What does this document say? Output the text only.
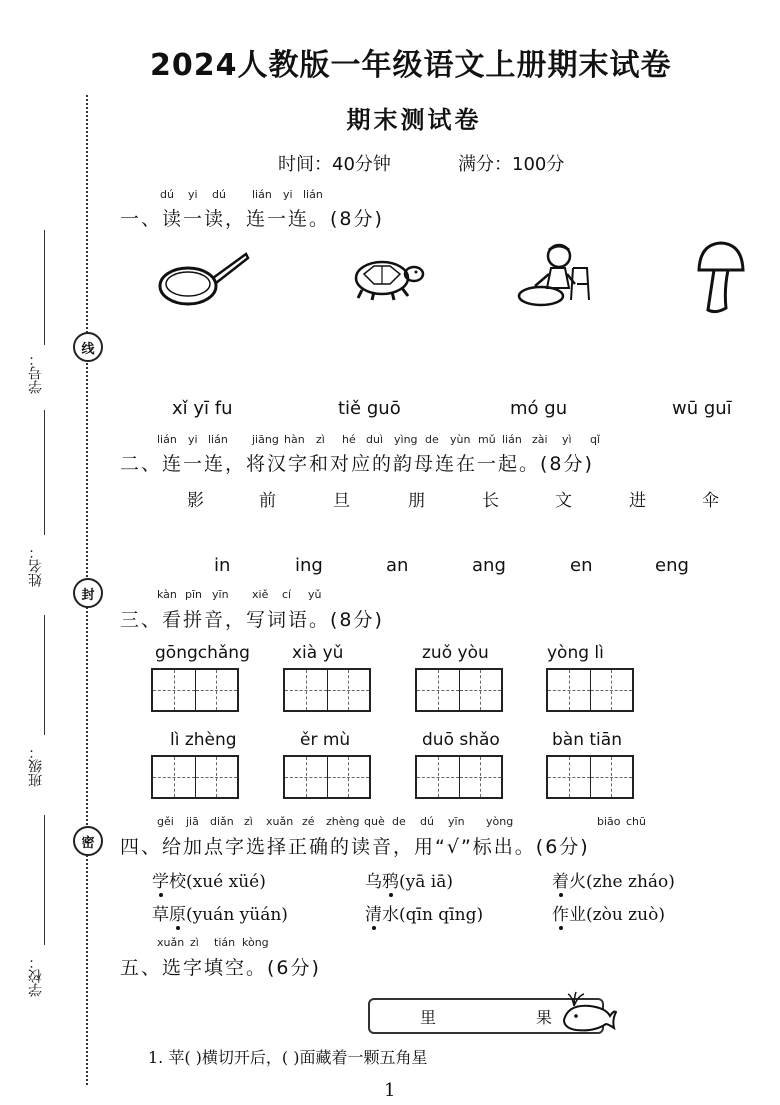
2024人教版一年级语文上册期末试卷
期末测试卷
时间：40分钟	满分：100分
学号：
姓名：
班级：
学校：
线
封
密
dú yi dú lián yi lián
一、读一读，连一连。(8分)
xǐ yī fu	tiě guō	mó gu	wū guī
lián yi lián jiāng hàn zì hé duì yìng de yùn mǔ lián zài yì qǐ
二、连一连，将汉字和对应的韵母连在一起。(8分)
影	前	旦	朋	长	文	进	伞
in	ing	an	ang	en	eng
kàn pīn yīn xiě cí yǔ
三、看拼音，写词语。(8分)
gōngchǎng xià yǔ	zuǒ yòu	yòng lì
lì zhèng	ěr mù	duō shǎo	bàn tiān
gěi jiā diǎn zì xuǎn zé zhèng què de dú yīn yòng	biāo chū
四、给加点字选择正确的读音，用“√”标出。(6分)
学校(xué xüé)	乌鸦(yā iā)	着火(zhe zháo)
草原(yuán yüán)	清水(qīn qīng)	作业(zòu zuò)
xuǎn zì tián kòng
五、选字填空。(6分)
里	果
1. 苹( )横切开后，( )面藏着一颗五角星
1
